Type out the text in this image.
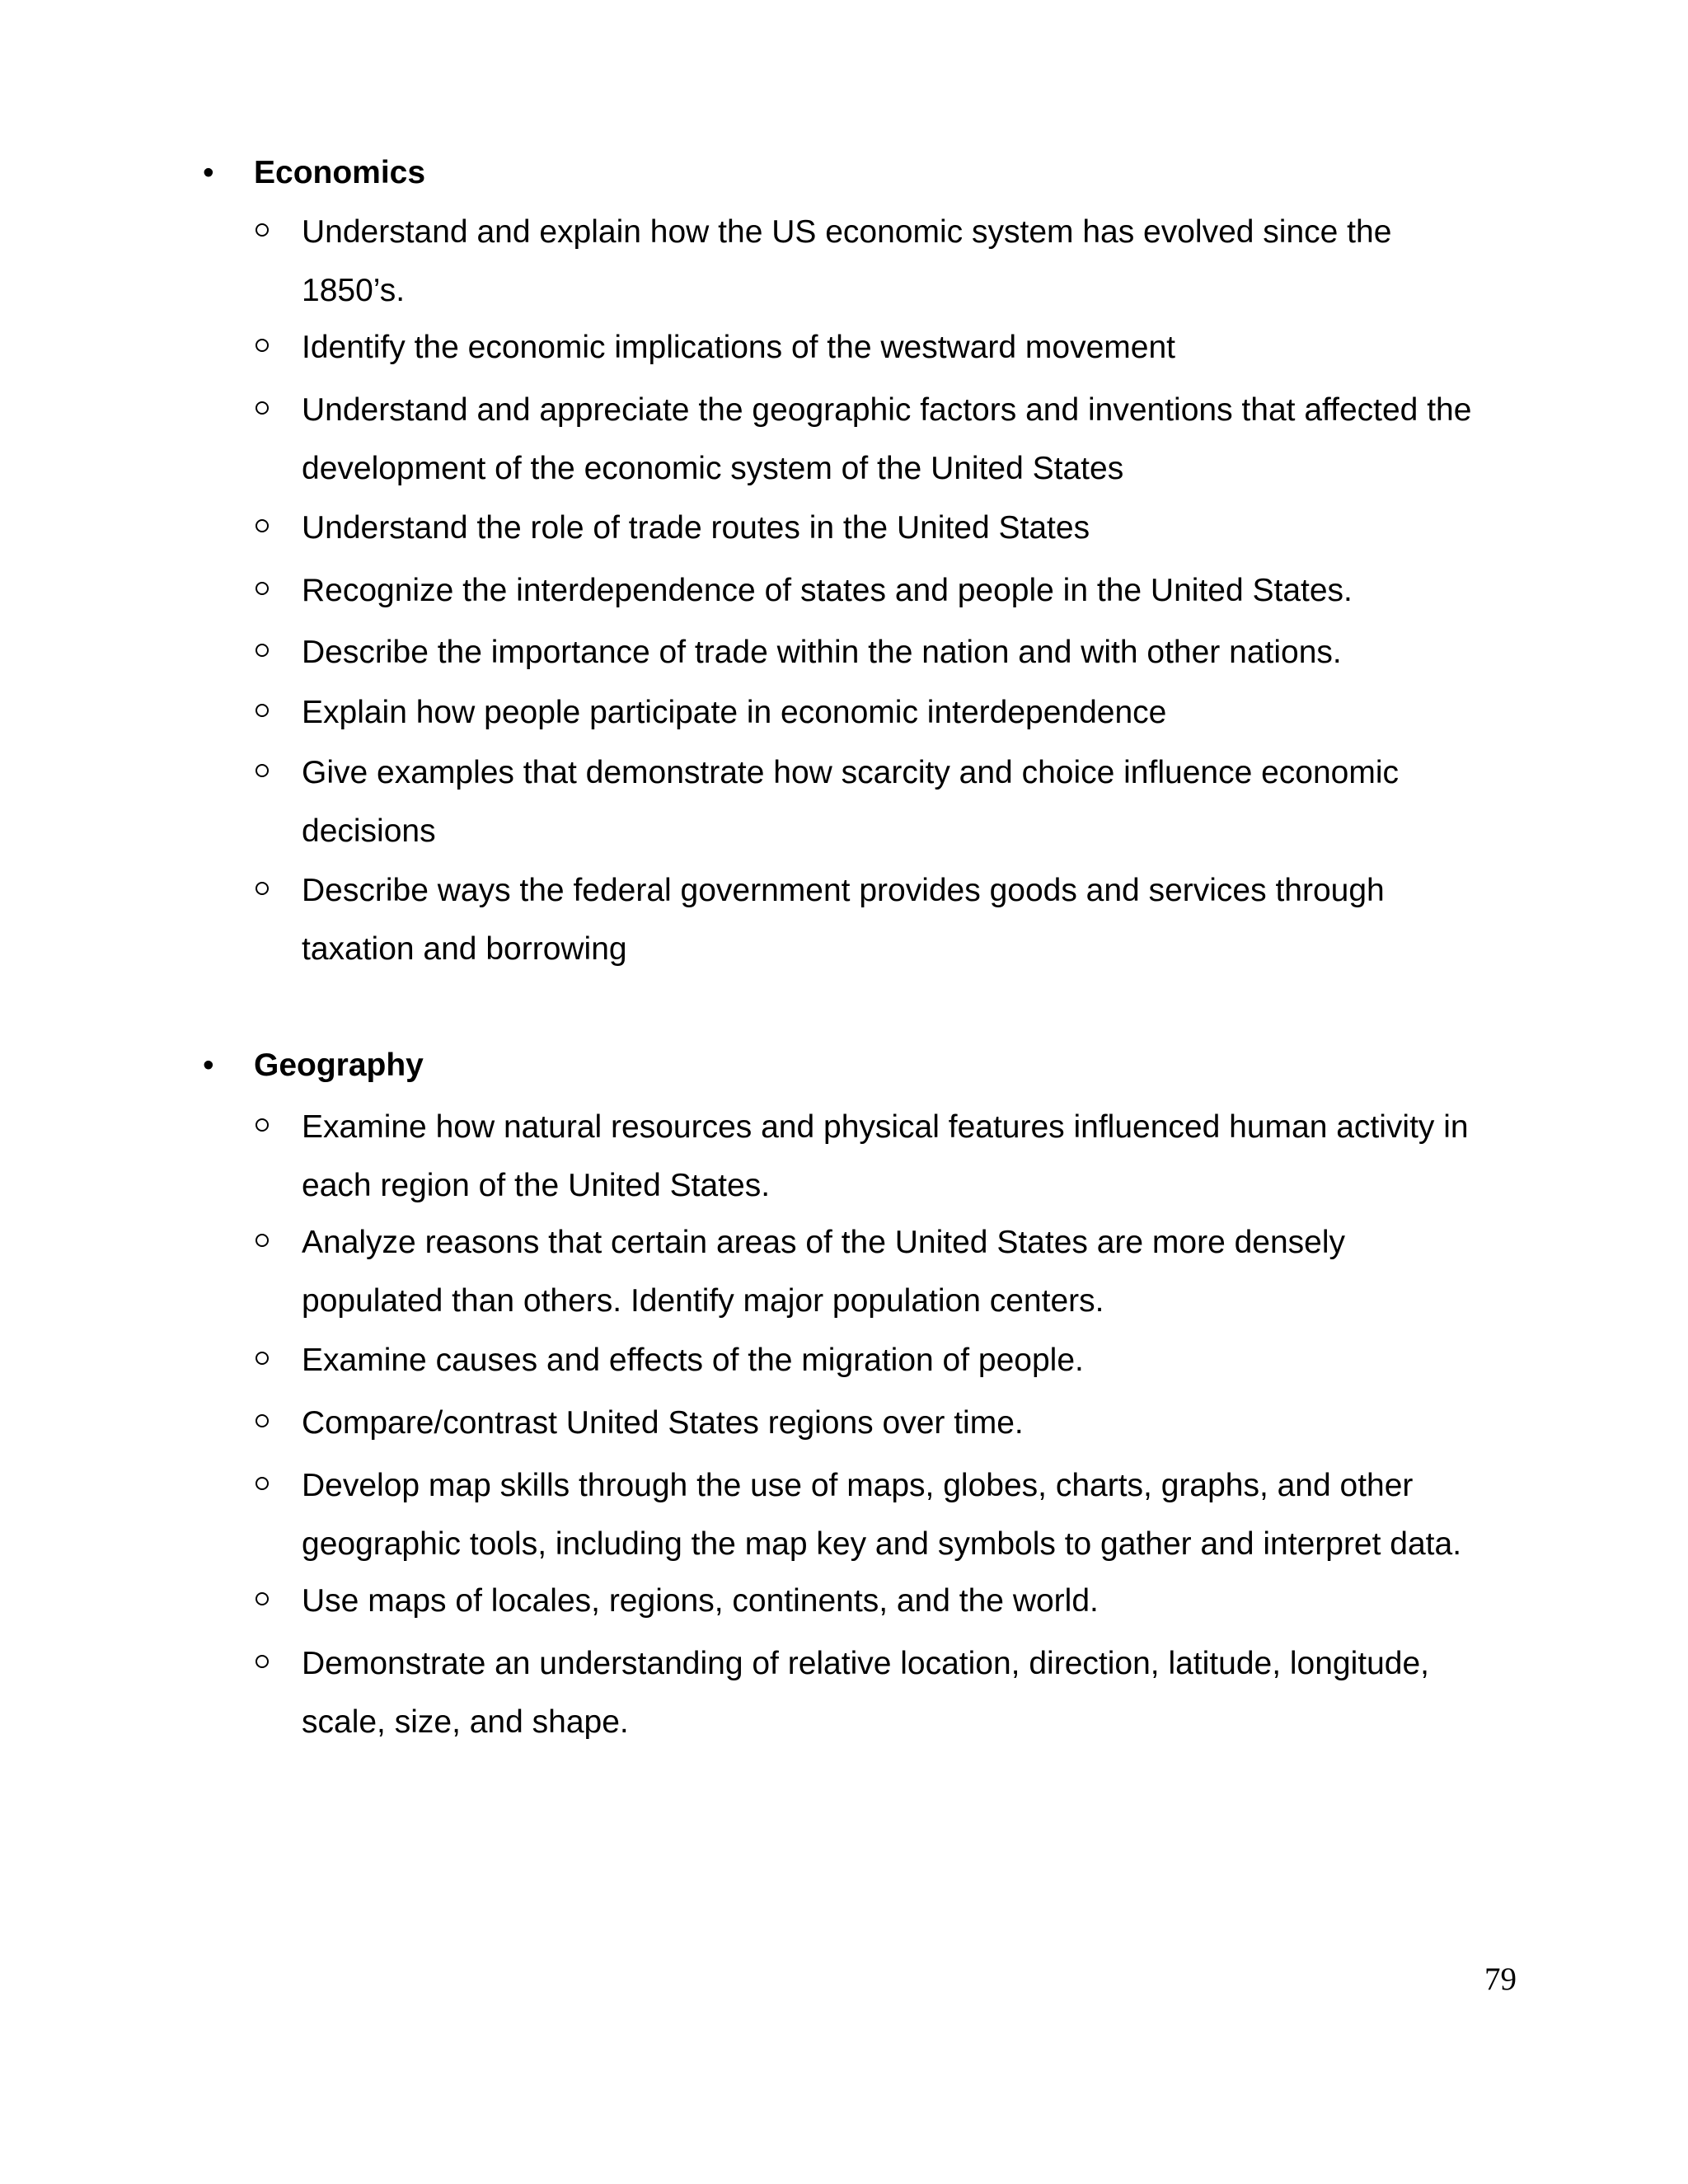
•	Economics
Understand and explain how the US economic system has evolved since the
1850’s.
Identify the economic implications of the westward movement
Understand and appreciate the geographic factors and inventions that affected the
development of the economic system of the United States
Understand the role of trade routes in the United States
Recognize the interdependence of states and people in the United States.
Describe the importance of trade within the nation and with other nations.
Explain how people participate in economic interdependence
Give examples that demonstrate how scarcity and choice influence economic
decisions
Describe ways the federal government provides goods and services through
taxation and borrowing
•	Geography
Examine how natural resources and physical features influenced human activity in
each region of the United States.
Analyze reasons that certain areas of the United States are more densely
populated than others. Identify major population centers.
Examine causes and effects of the migration of people.
Compare/contrast United States regions over time.
Develop map skills through the use of maps, globes, charts, graphs, and other
geographic tools, including the map key and symbols to gather and interpret data.
Use maps of locales, regions, continents, and the world.
Demonstrate an understanding of relative location, direction, latitude, longitude,
scale, size, and shape.
79
